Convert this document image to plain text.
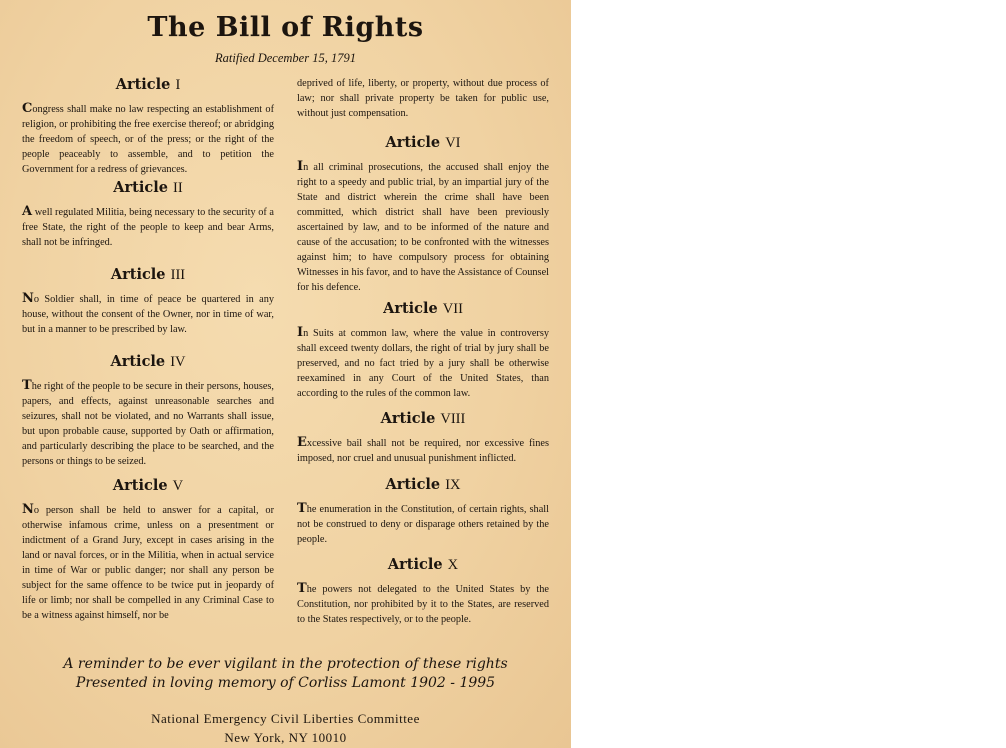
The Bill of Rights
Ratified December 15, 1791
Article I

Congress shall make no law respecting an establishment of religion, or prohibiting the free exercise thereof; or abridging the freedom of speech, or of the press; or the right of the people peaceably to assemble, and to petition the Government for a redress of grievances.

Article II

A well regulated Militia, being necessary to the security of a free State, the right of the people to keep and bear Arms, shall not be infringed.

Article III

No Soldier shall, in time of peace be quartered in any house, without the consent of the Owner, nor in time of war, but in a manner to be prescribed by law.

Article IV

The right of the people to be secure in their persons, houses, papers, and effects, against unreasonable searches and seizures, shall not be violated, and no Warrants shall issue, but upon probable cause, supported by Oath or affirmation, and particularly describing the place to be searched, and the persons or things to be seized.

Article V

No person shall be held to answer for a capital, or otherwise infamous crime, unless on a presentment or indictment of a Grand Jury, except in cases arising in the land or naval forces, or in the Militia, when in actual service in time of War or public danger; nor shall any person be subject for the same offence to be twice put in jeopardy of life or limb; nor shall be compelled in any Criminal Case to be a witness against himself, nor be

deprived of life, liberty, or property, without due process of law; nor shall private property be taken for public use, without just compensation.

Article VI

In all criminal prosecutions, the accused shall enjoy the right to a speedy and public trial, by an impartial jury of the State and district wherein the crime shall have been committed, which district shall have been previously ascertained by law, and to be informed of the nature and cause of the accusation; to be confronted with the witnesses against him; to have compulsory process for obtaining Witnesses in his favor, and to have the Assistance of Counsel for his defence.

Article VII

In Suits at common law, where the value in controversy shall exceed twenty dollars, the right of trial by jury shall be preserved, and no fact tried by a jury shall be otherwise reexamined in any Court of the United States, than according to the rules of the common law.

Article VIII

Excessive bail shall not be required, nor excessive fines imposed, nor cruel and unusual punishment inflicted.

Article IX

The enumeration in the Constitution, of certain rights, shall not be construed to deny or disparage others retained by the people.

Article X

The powers not delegated to the United States by the Constitution, nor prohibited by it to the States, are reserved to the States respectively, or to the people.

A reminder to be ever vigilant in the protection of these rights
Presented in loving memory of Corliss Lamont 1902 - 1995
National Emergency Civil Liberties Committee
New York, NY 10010
